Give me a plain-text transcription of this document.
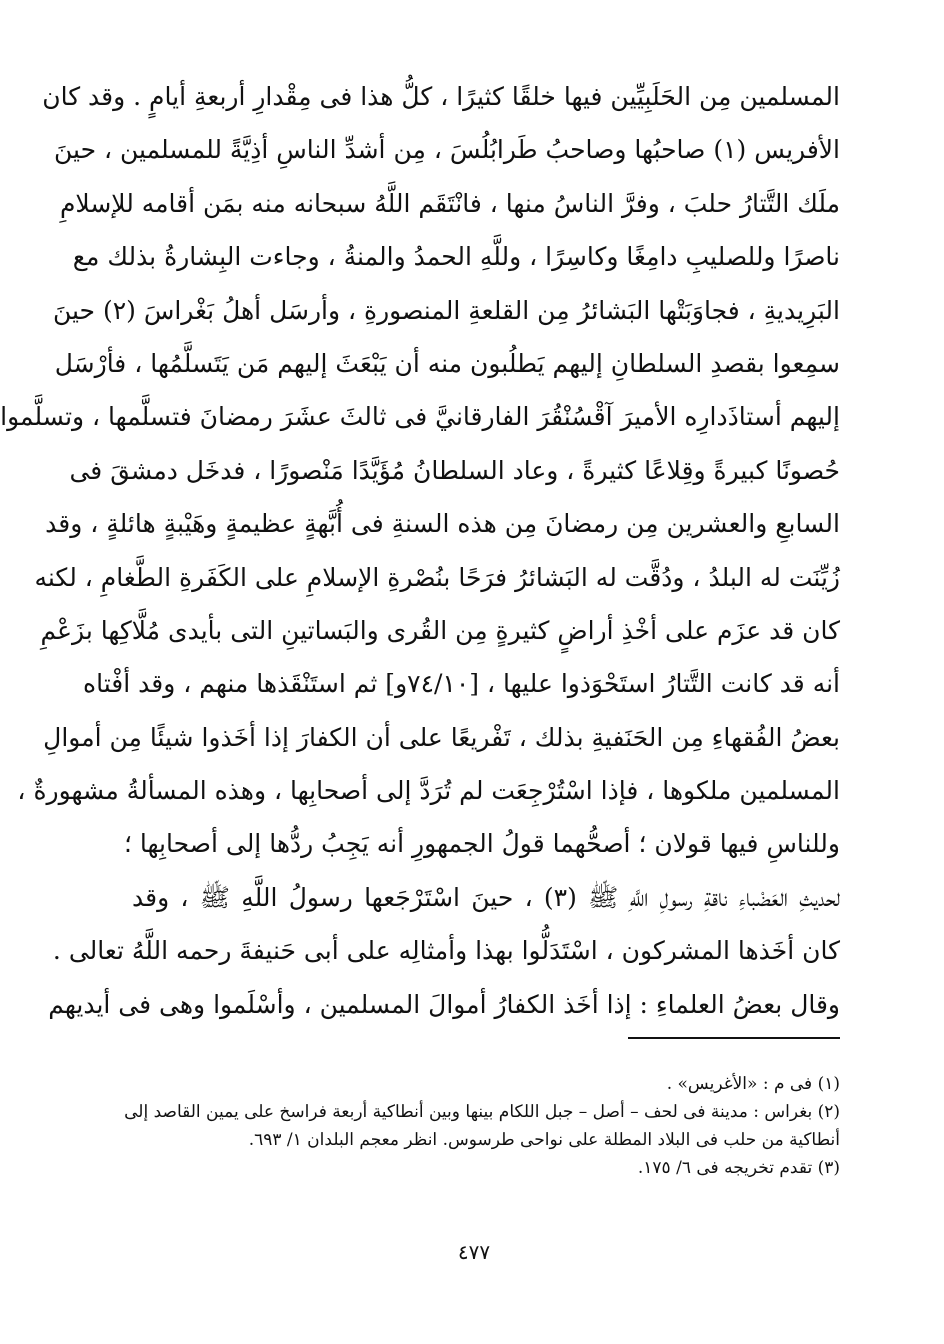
المسلمين مِن الحَلَبِيِّين فيها خلقًا كثيرًا ، كلُّ هذا فى مِقْدارِ أربعةِ أيامٍ . وقد كان
الأفريس (١) صاحبُها وصاحبُ طَرابُلُسَ ، مِن أشدِّ الناسِ أذِيَّةً للمسلمين ، حينَ
ملَك التَّتارُ حلبَ ، وفرَّ الناسُ منها ، فانْتَقَم اللَّهُ سبحانه منه بمَن أقامه للإسلامِ
ناصرًا وللصليبِ دامِغًا وكاسِرًا ، وللَّهِ الحمدُ والمنةُ ، وجاءت البِشارةُ بذلك مع
البَرِيديةِ ، فجاوَبَتْها البَشائرُ مِن القلعةِ المنصورةِ ، وأرسَل أهلُ بَغْراسَ (٢) حينَ
سمِعوا بقصدِ السلطانِ إليهم يَطلُبون منه أن يَبْعَثَ إليهم مَن يَتَسلَّمُها ، فأرْسَل
إليهم أستاذَدارِه الأميرَ آقْسُنْقُرَ الفارقانيَّ فى ثالثَ عشَرَ رمضانَ فتسلَّمها ، وتسلَّموا
حُصونًا كبيرةً وقِلاعًا كثيرةً ، وعاد السلطانُ مُؤَيَّدًا مَنْصورًا ، فدخَل دمشقَ فى
السابعِ والعشرين مِن رمضانَ مِن هذه السنةِ فى أُبَّهةٍ عظيمةٍ وهَيْبةٍ هائلةٍ ، وقد
زُيِّنَت له البلدُ ، ودُقَّت له البَشائرُ فرَحًا بنُصْرةِ الإسلامِ على الكَفَرةِ الطَّغامِ ، لكنه
كان قد عزَم على أخْذِ أراضٍ كثيرةٍ مِن القُرى والبَساتينِ التى بأيدى مُلَّاكِها بزَعْمِ
أنه قد كانت التَّتارُ استَحْوَذوا عليها ، [٧٤/١٠و] ثم استَنْقَذها منهم ، وقد أفْتاه
بعضُ الفُقهاءِ مِن الحَنَفيةِ بذلك ، تَفْريعًا على أن الكفارَ إذا أخَذوا شيئًا مِن أموالِ
المسلمين ملكوها ، فإذا اسْتُرْجِعَت لم تُرَدَّ إلى أصحابِها ، وهذه المسألةُ مشهورةٌ ،
وللناسِ فيها قولان ؛ أصحُّهما قولُ الجمهورِ أنه يَجِبُ ردُّها إلى أصحابِها ؛
لحديثِ العَضْباءِ ناقةِ رسولِ اللَّهِ ﷺ (٣) ، حينَ اسْتَرْجَعها رسولُ اللَّهِ ﷺ ، وقد
كان أخَذها المشركون ، اسْتَدَلُّوا بهذا وأمثالِه على أبى حَنيفةَ رحمه اللَّهُ تعالى .
وقال بعضُ العلماءِ : إذا أخَذ الكفارُ أموالَ المسلمين ، وأسْلَموا وهى فى أيديهم
(١) فى م : «الأغريس» .
(٢) بغراس : مدينة فى لحف – أصل – جبل اللكام بينها وبين أنطاكية أربعة فراسخ على يمين القاصد إلى
أنطاكية من حلب فى البلاد المطلة على نواحى طرسوس. انظر معجم البلدان ١/ ٦٩٣.
(٣) تقدم تخريجه فى ٦/ ١٧٥.
٤٧٧
